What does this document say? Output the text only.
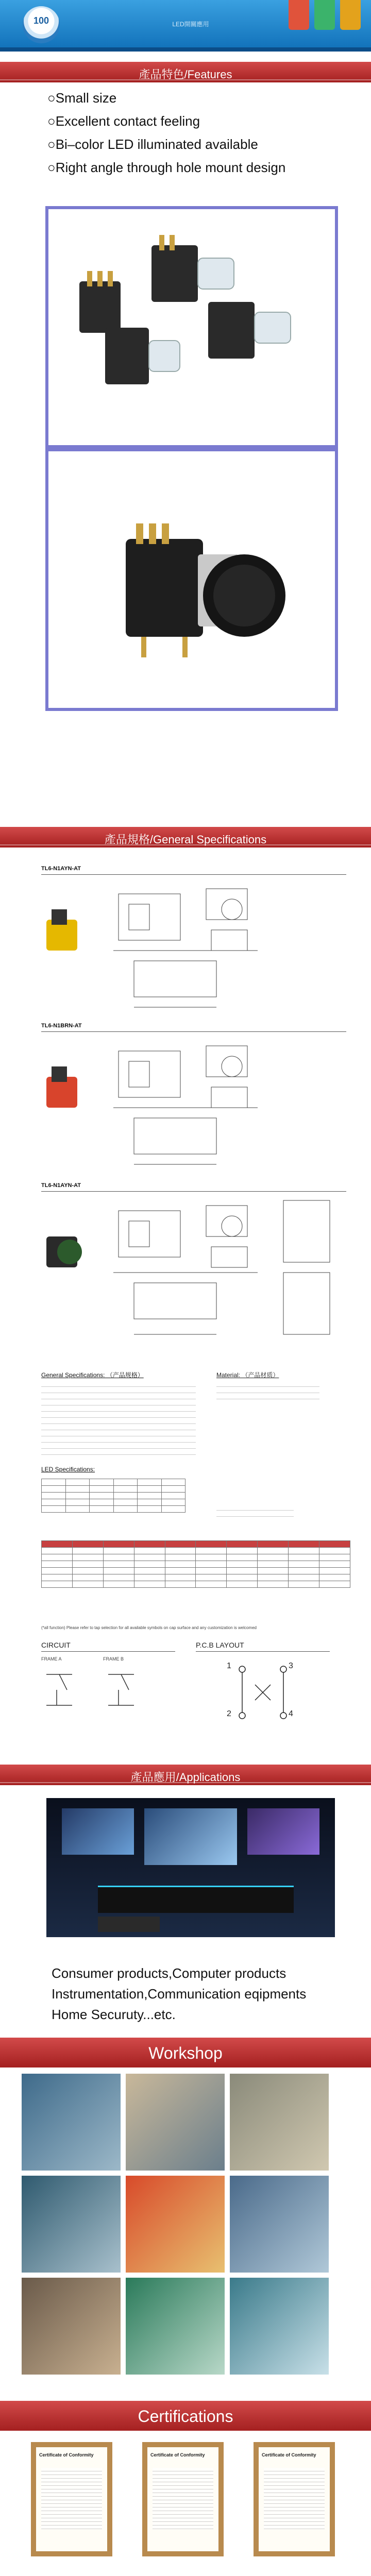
100	LED開關應用
產品特色/Features
○Small size
○Excellent contact feeling
○Bi–color LED illuminated available
○Right angle through hole mount design
產品規格/General Specifications
TL6-N1AYN-AT
TL6-N1BRN-AT
TL6-N1AYN-AT
General Specifications: （产品规格）	Material: （产品材质）
LED Specifications:

(*all function) Please refer to tap selection for all available symbols on cap surface and any customization is welcomed
CIRCUIT	P.C.B LAYOUT
FRAME A	FRAME B
1	3
2	4
產品應用/Applications
Consumer products,Computer products
Instrumentation,Communication eqipments
Home Securuty...etc.
Workshop
Certifications
Certificate of Conformity	Certificate of Conformity	Certificate of Conformity
